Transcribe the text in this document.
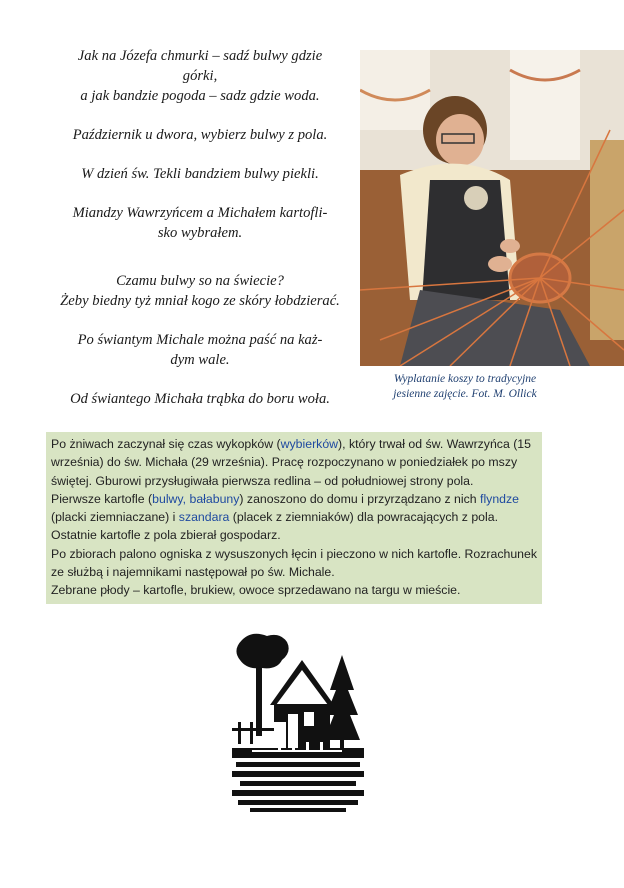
Jak na Józefa chmurki – sadź bulwy gdzie
górki,
a jak bandzie pogoda – sadz gdzie woda.

Październik u dwora, wybierz bulwy z pola.

W dzień św. Tekli bandziem bulwy piekli.

Miandzy Wawrzyńcem a Michałem kartofli-
sko wybrałem.

Czamu bulwy so na świecie?
Żeby biedny tyż mniał kogo ze skóry łobdzierać.

Po świantym Michale można paść na każ-
dym wale.

Od świantego Michała trąbka do boru woła.

Wyplatanie koszy to tradycyjne
jesienne zajęcie. Fot. M. Ollick

Po żniwach zaczynał się czas wykopków (wybierków), który trwał od św. Wawrzyńca (15 września) do św. Michała (29 września). Pracę rozpoczynano w poniedziałek po mszy świętej. Gburowi przysługiwała pierwsza redlina – od południowej strony pola.

Pierwsze kartofle (bulwy, bałabuny) zanoszono do domu i przyrządzano z nich flyndze (placki ziemniaczane) i szandara (placek z ziemniaków) dla powracających z pola. Ostatnie kartofle z pola zbierał gospodarz.

Po zbiorach palono ogniska z wysuszonych łęcin i pieczono w nich kartofle. Rozrachunek ze służbą i najemnikami następował po św. Michale.

Zebrane płody – kartofle, brukiew, owoce sprzedawano na targu w mieście.
